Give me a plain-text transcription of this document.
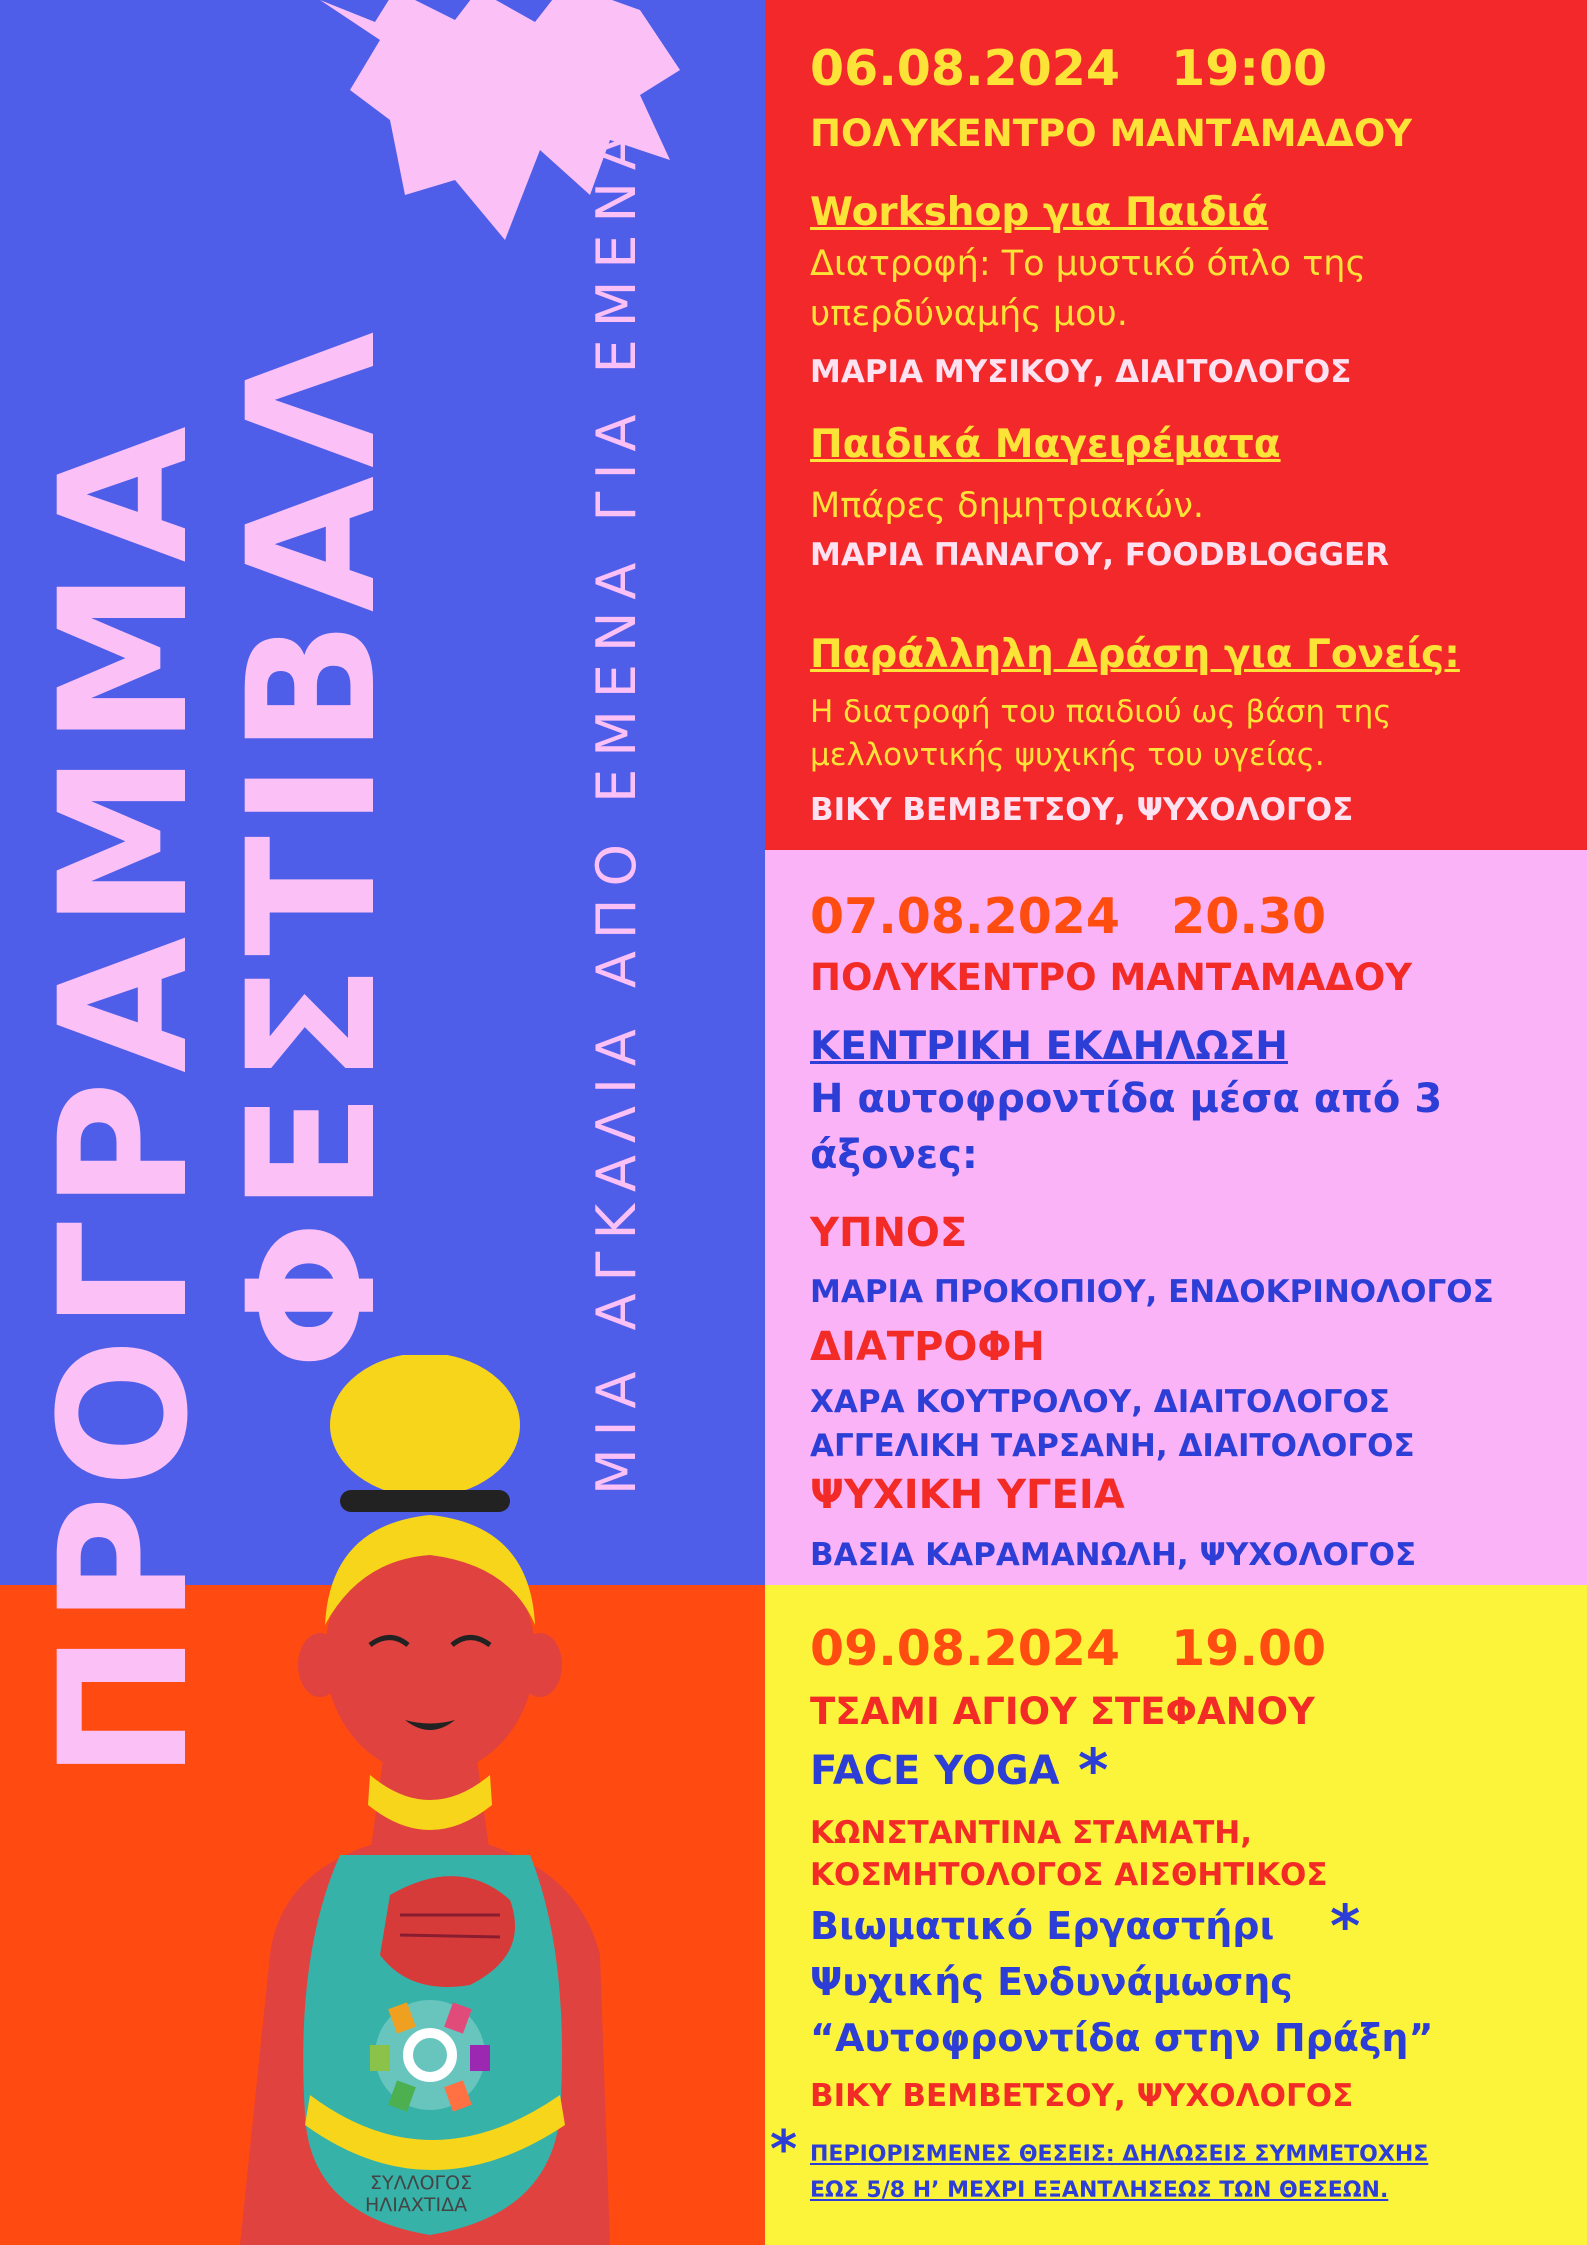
ΠΡΟΓΡΑΜΜΑ
ΦΕΣΤΙΒΑΛ	ΜΙΑ ΑΓΚΑΛΙΑ ΑΠΟ ΕΜΕΝΑ ΓΙΑ ΕΜΕΝΑ
ΣΥΛΛΟΓΟΣ
ΗΛΙΑΧΤΙΔΑ
06.08.2024   19:00
ΠΟΛΥΚΕΝΤΡΟ ΜΑΝΤΑΜΑΔΟΥ
Workshop για Παιδιά
Διατροφή: Το μυστικό όπλο της
υπερδύναμής μου.
ΜΑΡΙΑ ΜΥΣΙΚΟΥ, ΔΙΑΙΤΟΛΟΓΟΣ
Παιδικά Μαγειρέματα
Μπάρες δημητριακών.
ΜΑΡΙΑ ΠΑΝΑΓΟΥ, FOODBLOGGER
Παράλληλη Δράση για Γονείς:
Η διατροφή του παιδιού ως βάση της
μελλοντικής ψυχικής του υγείας.
ΒΙΚΥ ΒΕΜΒΕΤΣΟΥ, ΨΥΧΟΛΟΓΟΣ
07.08.2024   20.30
ΠΟΛΥΚΕΝΤΡΟ ΜΑΝΤΑΜΑΔΟΥ
ΚΕΝΤΡΙΚΗ ΕΚΔΗΛΩΣΗ
Η αυτοφροντίδα μέσα από 3
άξονες:
ΥΠΝΟΣ
ΜΑΡΙΑ ΠΡΟΚΟΠΙΟΥ, ΕΝΔΟΚΡΙΝΟΛΟΓΟΣ
ΔΙΑΤΡΟΦΗ
ΧΑΡΑ ΚΟΥΤΡΟΛΟΥ, ΔΙΑΙΤΟΛΟΓΟΣ
ΑΓΓΕΛΙΚΗ ΤΑΡΣΑΝΗ, ΔΙΑΙΤΟΛΟΓΟΣ
ΨΥΧΙΚΗ ΥΓΕΙΑ
ΒΑΣΙΑ ΚΑΡΑΜΑΝΩΛΗ, ΨΥΧΟΛΟΓΟΣ
09.08.2024   19.00
ΤΣΑΜΙ ΑΓΙΟΥ ΣΤΕΦΑΝΟΥ
FACE YOGA *
ΚΩΝΣΤΑΝΤΙΝΑ ΣΤΑΜΑΤΗ,
ΚΟΣΜΗΤΟΛΟΓΟΣ ΑΙΣΘΗΤΙΚΟΣ
Βιωματικό Εργαστήρι *
Ψυχικής Ενδυνάμωσης
“Αυτοφροντίδα στην Πράξη”
ΒΙΚΥ ΒΕΜΒΕΤΣΟΥ, ΨΥΧΟΛΟΓΟΣ
* ΠΕΡΙΟΡΙΣΜΕΝΕΣ ΘΕΣΕΙΣ: ΔΗΛΩΣΕΙΣ ΣΥΜΜΕΤΟΧΗΣ
ΕΩΣ 5/8 Η’ ΜΕΧΡΙ ΕΞΑΝΤΛΗΣΕΩΣ ΤΩΝ ΘΕΣΕΩΝ.
